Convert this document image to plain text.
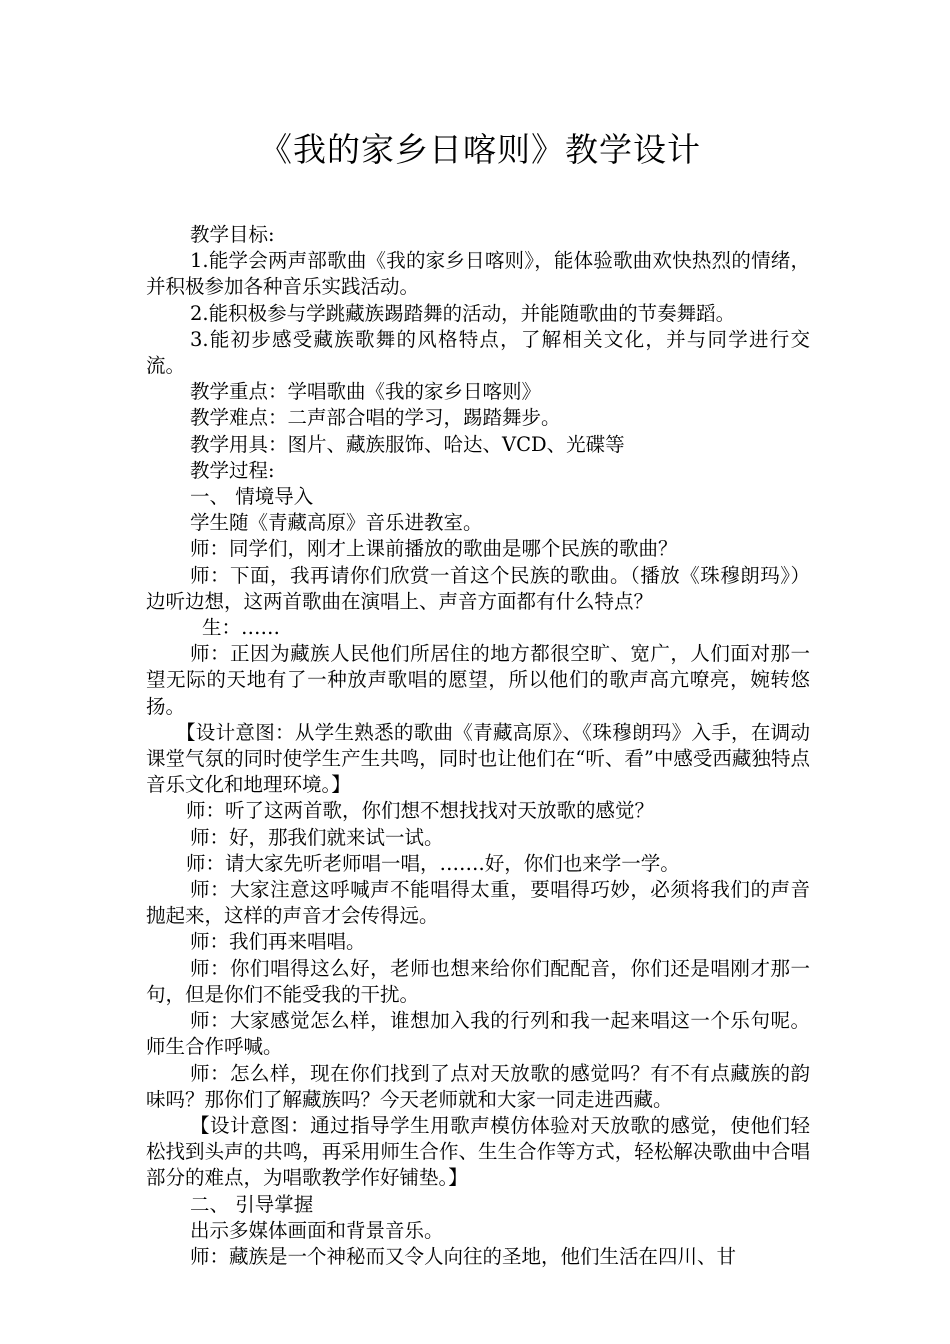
《我的家乡日喀则》教学设计

教学目标:

1.能学会两声部歌曲《我的家乡日喀则》，能体验歌曲欢快热烈的情绪，并积极参加各种音乐实践活动。

2.能积极参与学跳藏族踢踏舞的活动，并能随歌曲的节奏舞蹈。

3.能初步感受藏族歌舞的风格特点，了解相关文化，并与同学进行交流。

教学重点：学唱歌曲《我的家乡日喀则》

教学难点：二声部合唱的学习，踢踏舞步。

教学用具：图片、藏族服饰、哈达、VCD、光碟等

教学过程:

一、 情境导入

学生随《青藏高原》音乐进教室。

师：同学们，刚才上课前播放的歌曲是哪个民族的歌曲？

师：下面，我再请你们欣赏一首这个民族的歌曲。（播放《珠穆朗玛》）边听边想，这两首歌曲在演唱上、声音方面都有什么特点？

生：……

师：正因为藏族人民他们所居住的地方都很空旷、宽广，人们面对那一望无际的天地有了一种放声歌唱的愿望，所以他们的歌声高亢嘹亮，婉转悠扬。

【设计意图：从学生熟悉的歌曲《青藏高原》、《珠穆朗玛》入手，在调动课堂气氛的同时使学生产生共鸣，同时也让他们在“听、看”中感受西藏独特点音乐文化和地理环境。】

师：听了这两首歌，你们想不想找找对天放歌的感觉？

师：好，那我们就来试一试。

师：请大家先听老师唱一唱，…….好，你们也来学一学。

师：大家注意这呼喊声不能唱得太重，要唱得巧妙，必须将我们的声音抛起来，这样的声音才会传得远。

师：我们再来唱唱。

师：你们唱得这么好，老师也想来给你们配配音，你们还是唱刚才那一句，但是你们不能受我的干扰。

师：大家感觉怎么样，谁想加入我的行列和我一起来唱这一个乐句呢。 师生合作呼喊。

师：怎么样，现在你们找到了点对天放歌的感觉吗？有不有点藏族的韵味吗？那你们了解藏族吗？今天老师就和大家一同走进西藏。

【设计意图：通过指导学生用歌声模仿体验对天放歌的感觉，使他们轻松找到头声的共鸣，再采用师生合作、生生合作等方式，轻松解决歌曲中合唱部分的难点，为唱歌教学作好铺垫。】

二、 引导掌握

出示多媒体画面和背景音乐。

师：藏族是一个神秘而又令人向往的圣地，他们生活在四川、甘
